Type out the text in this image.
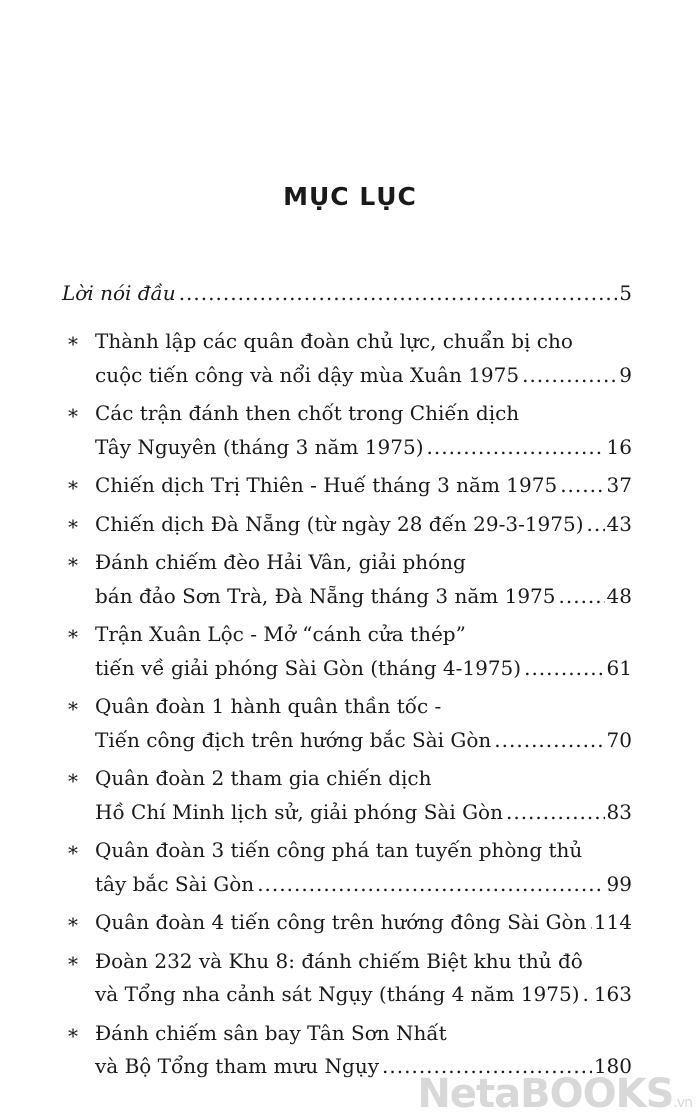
MỤC LỤC
Lời nói đầu .....	5
* Thành lập các quân đoàn chủ lực, chuẩn bị cho
cuộc tiến công và nổi dậy mùa Xuân 1975 .....	9
* Các trận đánh then chốt trong Chiến dịch
Tây Nguyên (tháng 3 năm 1975) .....	16
* Chiến dịch Trị Thiên - Huế tháng 3 năm 1975 ..... 37
* Chiến dịch Đà Nẵng (từ ngày 28 đến 29-3-1975) ..... 43
* Đánh chiếm đèo Hải Vân, giải phóng
bán đảo Sơn Trà, Đà Nẵng tháng 3 năm 1975 .....	48
* Trận Xuân Lộc - Mở “cánh cửa thép”
tiến về giải phóng Sài Gòn (tháng 4-1975) .....	61
* Quân đoàn 1 hành quân thần tốc -
Tiến công địch trên hướng bắc Sài Gòn .....	70
* Quân đoàn 2 tham gia chiến dịch
Hồ Chí Minh lịch sử, giải phóng Sài Gòn .....	83
* Quân đoàn 3 tiến công phá tan tuyến phòng thủ
tây bắc Sài Gòn .....	99
* Quân đoàn 4 tiến công trên hướng đông Sài Gòn ..... 114
* Đoàn 232 và Khu 8: đánh chiếm Biệt khu thủ đô
và Tổng nha cảnh sát Ngụy (tháng 4 năm 1975) ..... 163
* Đánh chiếm sân bay Tân Sơn Nhất
và Bộ Tổng tham mưu Ngụy .....	180
NetaBOOKS.vn
